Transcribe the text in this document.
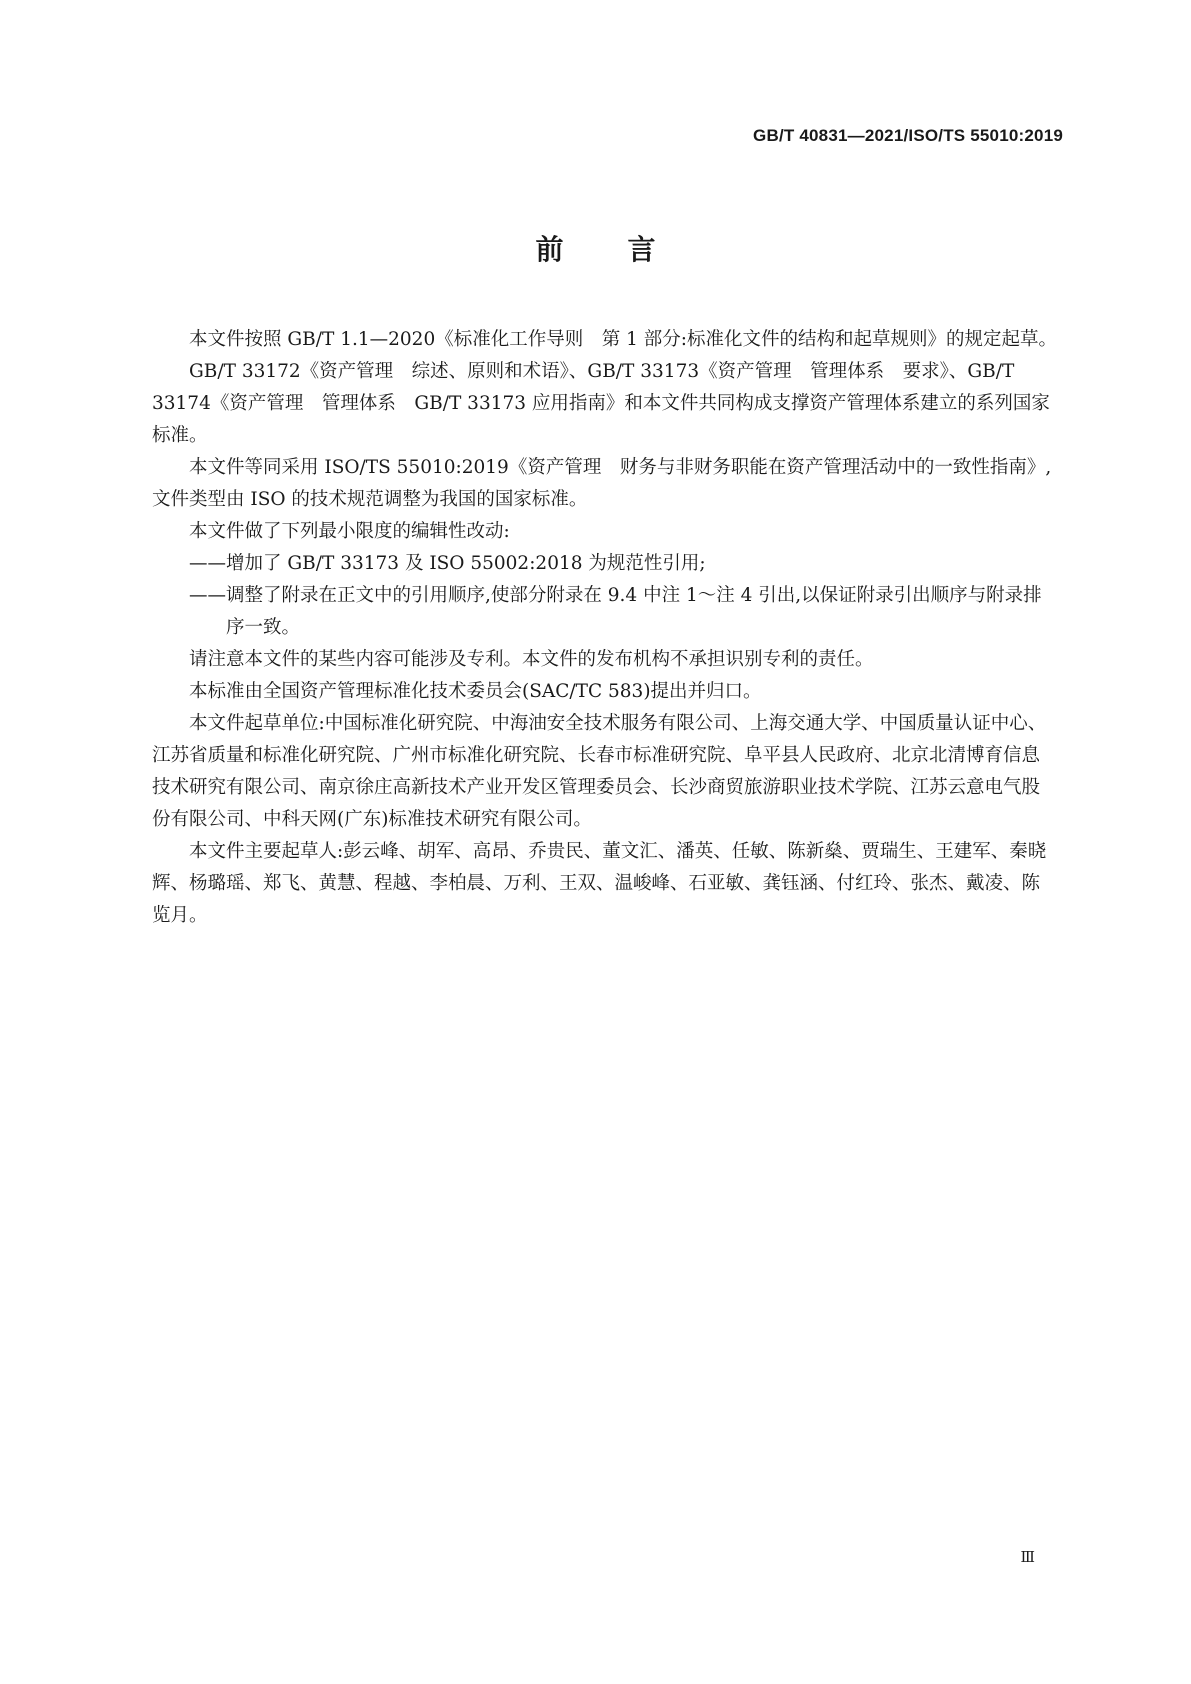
GB/T 40831—2021/ISO/TS 55010:2019
前言

本文件按照 GB/T 1.1—2020《标准化工作导则　第 1 部分:标准化文件的结构和起草规则》的规定起草。

GB/T 33172《资产管理　综述、原则和术语》、GB/T 33173《资产管理　管理体系　要求》、GB/T 33174《资产管理　管理体系　GB/T 33173 应用指南》和本文件共同构成支撑资产管理体系建立的系列国家标准。

本文件等同采用 ISO/TS 55010:2019《资产管理　财务与非财务职能在资产管理活动中的一致性指南》,文件类型由 ISO 的技术规范调整为我国的国家标准。

本文件做了下列最小限度的编辑性改动:

——增加了 GB/T 33173 及 ISO 55002:2018 为规范性引用;

——调整了附录在正文中的引用顺序,使部分附录在 9.4 中注 1～注 4 引出,以保证附录引出顺序与附录排序一致。

请注意本文件的某些内容可能涉及专利。本文件的发布机构不承担识别专利的责任。

本标准由全国资产管理标准化技术委员会(SAC/TC 583)提出并归口。

本文件起草单位:中国标准化研究院、中海油安全技术服务有限公司、上海交通大学、中国质量认证中心、江苏省质量和标准化研究院、广州市标准化研究院、长春市标准研究院、阜平县人民政府、北京北清博育信息技术研究有限公司、南京徐庄高新技术产业开发区管理委员会、长沙商贸旅游职业技术学院、江苏云意电气股份有限公司、中科天网(广东)标准技术研究有限公司。

本文件主要起草人:彭云峰、胡军、高昂、乔贵民、董文汇、潘英、任敏、陈新燊、贾瑞生、王建军、秦晓辉、杨璐瑶、郑飞、黄慧、程越、李柏晨、万利、王双、温峻峰、石亚敏、龚钰涵、付红玲、张杰、戴凌、陈览月。

Ⅲ
